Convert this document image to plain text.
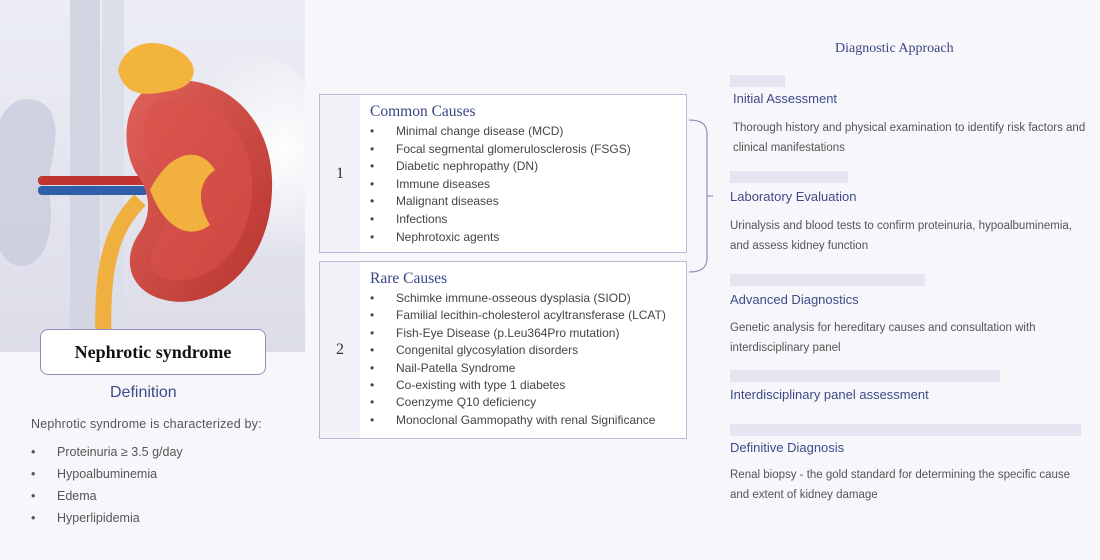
Nephrotic syndrome
Definition
Nephrotic syndrome is characterized by:
•	Proteinuria ≥ 3.5 g/day
•	Hypoalbuminemia
•	Edema
•	Hyperlipidemia
1
Common Causes
•	Minimal change disease (MCD)
•	Focal segmental glomerulosclerosis (FSGS)
•	Diabetic nephropathy (DN)
•	Immune diseases
•	Malignant diseases
•	Infections
•	Nephrotoxic agents
2
Rare Causes
•	Schimke immune-osseous dysplasia (SIOD)
•	Familial lecithin-cholesterol acyltransferase (LCAT)
•	Fish-Eye Disease (p.Leu364Pro mutation)
•	Congenital glycosylation disorders
•	Nail-Patella Syndrome
•	Co-existing with type 1 diabetes
•	Coenzyme Q10 deficiency
•	Monoclonal Gammopathy with renal Significance
Diagnostic Approach
Initial Assessment
Thorough history and physical examination to identify risk factors and clinical manifestations
Laboratory Evaluation
Urinalysis and blood tests to confirm proteinuria, hypoalbuminemia, and assess kidney function
Advanced Diagnostics
Genetic analysis for hereditary causes and consultation with interdisciplinary panel
Interdisciplinary panel assessment
Definitive Diagnosis
Renal biopsy - the gold standard for determining the specific cause and extent of kidney damage
